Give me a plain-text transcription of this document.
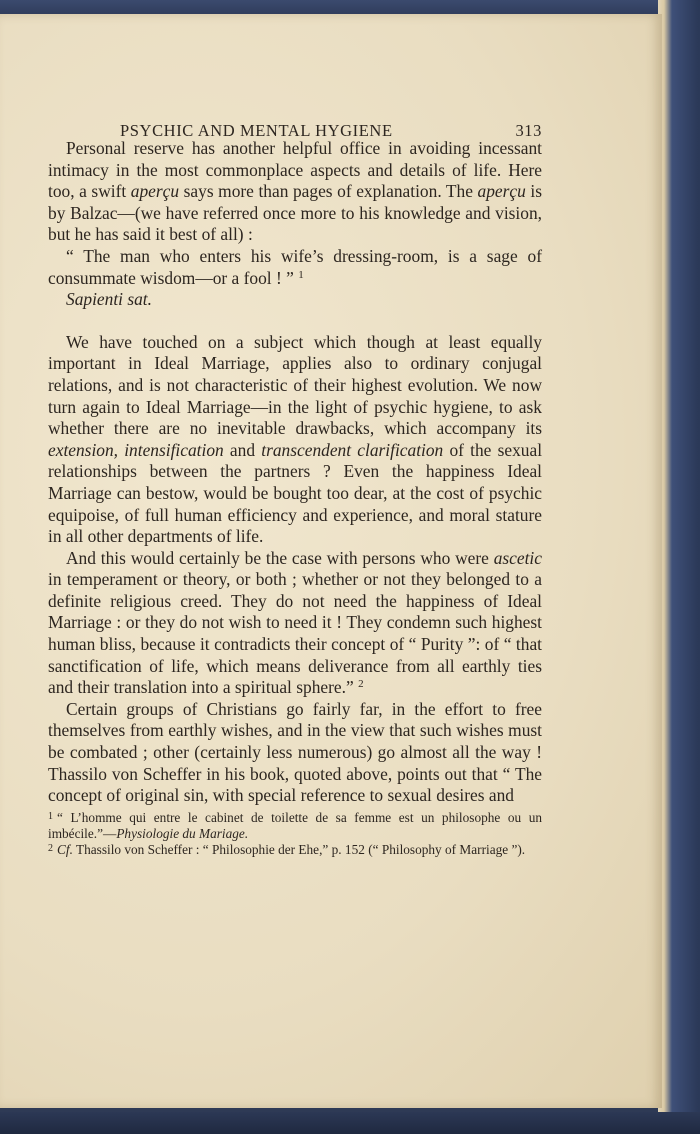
PSYCHIC AND MENTAL HYGIENE	313

Personal reserve has another helpful office in avoiding incessant intimacy in the most commonplace aspects and details of life. Here too, a swift aperçu says more than pages of explanation. The aperçu is by Balzac—(we have referred once more to his knowledge and vision, but he has said it best of all) :

“ The man who enters his wife’s dressing-room, is a sage of consummate wisdom—or a fool ! ” $^1$

Sapienti sat.

We have touched on a subject which though at least equally important in Ideal Marriage, applies also to ordinary conjugal relations, and is not characteristic of their highest evolution. We now turn again to Ideal Marriage—in the light of psychic hygiene, to ask whether there are no inevitable drawbacks, which accompany its extension, intensification and transcendent clarification of the sexual relationships between the partners ? Even the happiness Ideal Marriage can bestow, would be bought too dear, at the cost of psychic equipoise, of full human efficiency and experience, and moral stature in all other departments of life.

And this would certainly be the case with persons who were ascetic in temperament or theory, or both ; whether or not they belonged to a definite religious creed. They do not need the happiness of Ideal Marriage : or they do not wish to need it ! They condemn such highest human bliss, because it contradicts their concept of “ Purity ”: of “ that sanctification of life, which means deliverance from all earthly ties and their translation into a spiritual sphere.” $^2$

Certain groups of Christians go fairly far, in the effort to free themselves from earthly wishes, and in the view that such wishes must be combated ; other (certainly less numerous) go almost all the way ! Thassilo von Scheffer in his book, quoted above, points out that “ The concept of original sin, with special reference to sexual desires and

$^1$ “ L’homme qui entre le cabinet de toilette de sa femme est un philosophe ou un imbécile.”—Physiologie du Mariage.

$^2$ Cf. Thassilo von Scheffer : “ Philosophie der Ehe,” p. 152 (“ Philosophy of Marriage ”).
